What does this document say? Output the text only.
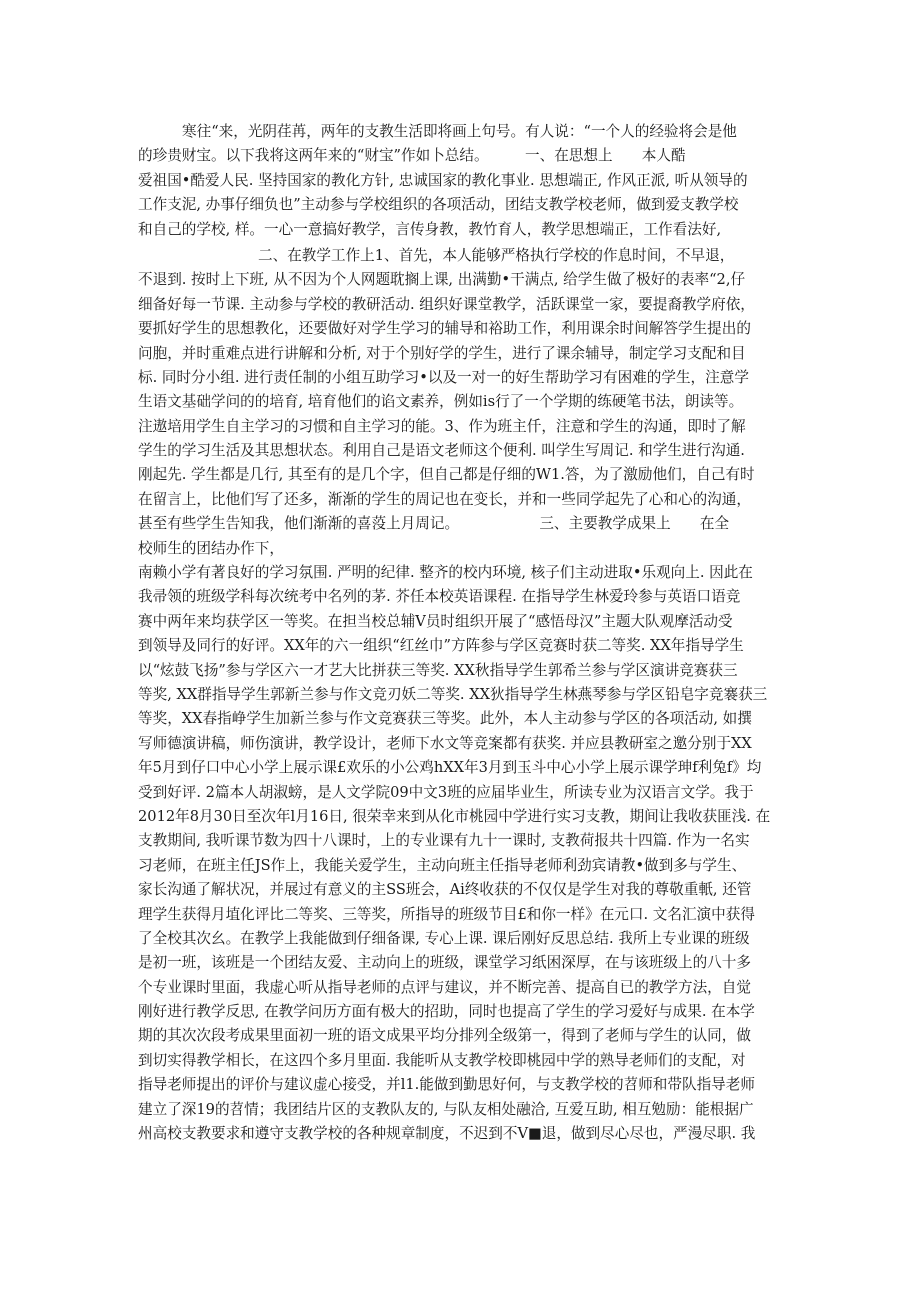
寒往“来，光阴荏苒，两年的支教生活即将画上句号。有人说：“一个人的经验将会是他
的珍贵财宝。以下我将这两年来的“财宝”作如卜总结。　　　一、在思想上　　本人酷
爱祖国•酷爱人民. 坚持国家的教化方针, 忠诚国家的教化事业. 思想端正, 作风正派, 听从领导的
工作支泥, 办事仔细负也”主动参与学校组织的各项活动，团结支教学校老师，做到爱支教学校
和自己的学校, 样。一心一意搞好教学，言传身教，教竹育人，教学思想端正，工作看法好,
二、在教学工作上1、首先，本人能够严格执行学校的作息时间，不早退，
不退到. 按时上下班, 从不因为个人网题耽搁上课, 出满勤•干满点, 给学生做了极好的表率“2,仔
细备好每一节课. 主动参与学校的教研活动. 组织好课堂教学，活跃课堂一家，要提裔教学府依，
要抓好学生的思想教化，还要做好对学生学习的辅导和裕助工作，利用课余时间解答学生提出的
问胞，并时重难点进行讲解和分析, 对于个别好学的学生，进行了课余辅导，制定学习支配和目
标. 同时分小组. 进行责任制的小组互助学习•以及一对一的好生帮助学习有困难的学生，注意学
生语文基础学问的的培育, 培育他们的谄文素养，例如is行了一个学期的练硬笔书法，朗读等。
注遨培用学生自主学习的习惯和自主学习的能。3、作为班主仟，注意和学生的沟通，即时了解
学生的学习生活及其思想状态。利用自己是语文老师这个便利. 叫学生写周记. 和学生进行沟通.
刚起先. 学生都是几行, 其至有的是几个字，但自己都是仔细的W1.答，为了激励他们，自己有时
在留言上，比他们写了还多，渐渐的学生的周记也在变长，并和一些同学起先了心和心的沟通，
甚至有些学生告知我，他们渐渐的喜莈上月周记。　　　　　　三、主要教学成果上　　在全
校师生的团结办作下，
南赖小学有著良好的学习氛围. 严明的纪律. 整齐的校内环境, 核子们主动进取•乐观向上. 因此在
我帚领的班级学科每次统考中名列的茅. 芥任本校英语课程. 在指导学生林爱玲参与英语口语竞
赛中两年来均获学区一等奖。在担当校总辅V员时组织开展了“感悟母汉”主题大队观摩活动受
到领导及同行的好评。XX年的六一组织“红丝巾”方阵参与学区竞赛时获二等奖. XX年指导学生
以“炫鼓飞扬”参与学区六一才艺大比拼获三等奖. XX秋指导学生郭希兰参与学区演讲竞赛获三
等奖, XX群指导学生郭新兰参与作文竞刃妖二等奖. XX狄指导学生林燕琴参与学区铅皂字竞褰获三
等奖，XX春指峥学生加新兰参与作文竞赛获三等奖。此外，本人主动参与学区的各项活动, 如撰
写师德演讲稿，师伤演讲，教学设计，老师下水文等竞案都有获奖. 并应县教研室之邀分别于XX
年5月到仔口中心小学上展示课£欢乐的小公鸡hXX年3月到玉斗中心小学上展示课学珅f利兔f》均
受到好评. 2篇本人胡淑螃，是人文学院09中文3班的应届毕业生，所读专业为汉语言文学。我于
2012年8月30日至次年l月16日, 很荣幸来到从化市桃园中学进行实习支教，期间让我收获匪浅. 在
支教期间, 我听课节数为四十八课时，上的专业课有九十一课时, 支教荷报共十四篇. 作为一名实
习老师，在班主任JS作上，我能关爱学生，主动向班主任指导老师利劲宾请教•做到多与学生、
家长沟通了解状况，并展过有意义的主SS班会，Ai终收获的不仅仅是学生对我的尊敬重軝, 还管
理学生获得月埴化评比二等奖、三等奖，所指导的班级节目£和你一样》在元口. 文名汇演中获得
了全校其次幺。在教学上我能做到仔细备课, 专心上课. 课后刚好反思总结. 我所上专业课的班级
是初一班，该班是一个团结友爱、主动向上的班级，课堂学习纸困深厚，在与该班级上的八十多
个专业课时里面，我虚心听从指导老师的点评与建议，并不断完善、提高自已的教学方法，自觉
刚好进行教学反思, 在教学问历方面有极大的招助，同时也提高了学生的学习爱好与成果. 在本学
期的其次次段考成果里面初一班的语文成果平均分排列全级第一，得到了老师与学生的认同，做
到切实得教学相长，在这四个多月里面. 我能听从支教学校即桃园中学的熟导老师们的支配，对
指导老师提出的评价与建议虚心接受，并l1.能做到勤思好何，与支教学校的苕师和带队指导老师
建立了深19的苕情；我团结片区的支教队友的, 与队友相处融洽, 互爱互助, 相互勉励：能根据广
州高校支教要求和遵守支教学校的各种规章制度，不迟到不V■退，做到尽心尽也，严漫尽职. 我
